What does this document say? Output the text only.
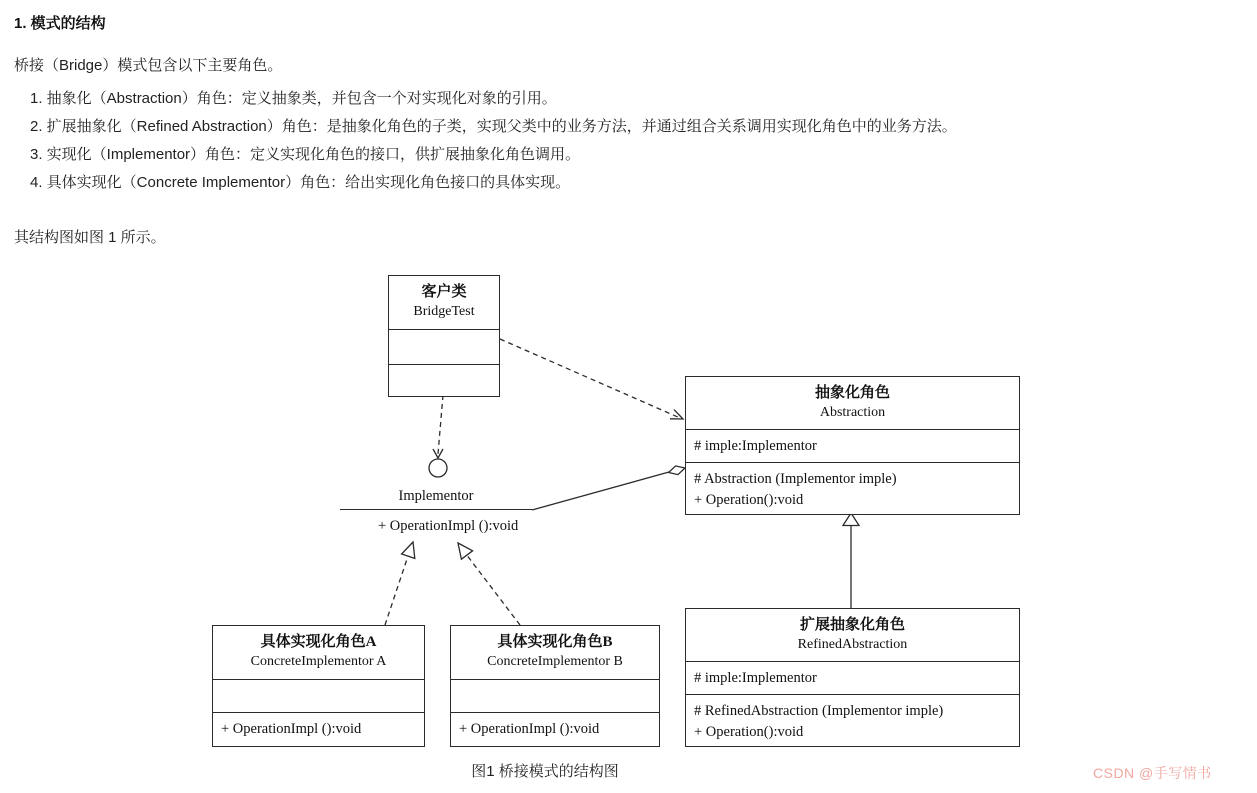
1. 模式的结构

桥接（Bridge）模式包含以下主要角色。

1. 抽象化（Abstraction）角色：定义抽象类，并包含一个对实现化对象的引用。

2. 扩展抽象化（Refined Abstraction）角色：是抽象化角色的子类，实现父类中的业务方法，并通过组合关系调用实现化角色中的业务方法。

3. 实现化（Implementor）角色：定义实现化角色的接口，供扩展抽象化角色调用。

4. 具体实现化（Concrete Implementor）角色：给出实现化角色接口的具体实现。

其结构图如图 1 所示。

客户类
BridgeTest
Implementor
+ OperationImpl ():void
抽象化角色
Abstraction
# imple:Implementor
# Abstraction (Implementor imple)
+ Operation():void
扩展抽象化角色
RefinedAbstraction
# imple:Implementor
# RefinedAbstraction (Implementor imple)
+ Operation():void
具体实现化角色A
ConcreteImplementor A
+ OperationImpl ():void
具体实现化角色B
ConcreteImplementor B
+ OperationImpl ():void
图1 桥接模式的结构图	CSDN @手写情书
